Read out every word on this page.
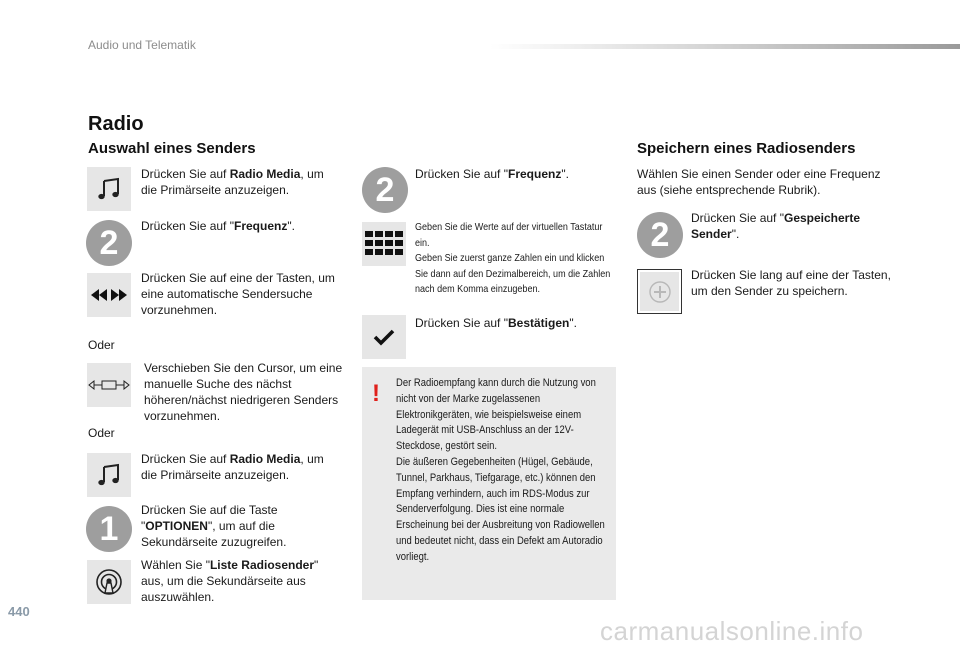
Audio und Telematik
Radio
Auswahl eines Senders
Drücken Sie auf Radio Media, um die Primärseite anzuzeigen.
2	Drücken Sie auf "Frequenz".
Drücken Sie auf eine der Tasten, um eine automatische Sendersuche vorzunehmen.
Oder
Verschieben Sie den Cursor, um eine manuelle Suche des nächst höheren/nächst niedrigeren Senders vorzunehmen.
Oder
Drücken Sie auf Radio Media, um die Primärseite anzuzeigen.
1	Drücken Sie auf die Taste "OPTIONEN", um auf die Sekundärseite zuzugreifen.
Wählen Sie "Liste Radiosender" aus, um die Sekundärseite aus auszuwählen.
2	Drücken Sie auf "Frequenz".
Geben Sie die Werte auf der virtuellen Tastatur ein.
Geben Sie zuerst ganze Zahlen ein und klicken Sie dann auf den Dezimalbereich, um die Zahlen nach dem Komma einzugeben.
Drücken Sie auf "Bestätigen".
! Der Radioempfang kann durch die Nutzung von nicht von der Marke zugelassenen Elektronikgeräten, wie beispielsweise einem Ladegerät mit USB-Anschluss an der 12V-Steckdose, gestört sein.
Die äußeren Gegebenheiten (Hügel, Gebäude, Tunnel, Parkhaus, Tiefgarage, etc.) können den Empfang verhindern, auch im RDS-Modus zur Senderverfolgung. Dies ist eine normale Erscheinung bei der Ausbreitung von Radiowellen und bedeutet nicht, dass ein Defekt am Autoradio vorliegt.
Speichern eines Radiosenders
Wählen Sie einen Sender oder eine Frequenz aus (siehe entsprechende Rubrik).
2	Drücken Sie auf "Gespeicherte Sender".
Drücken Sie lang auf eine der Tasten, um den Sender zu speichern.
440
carmanualsonline.info
